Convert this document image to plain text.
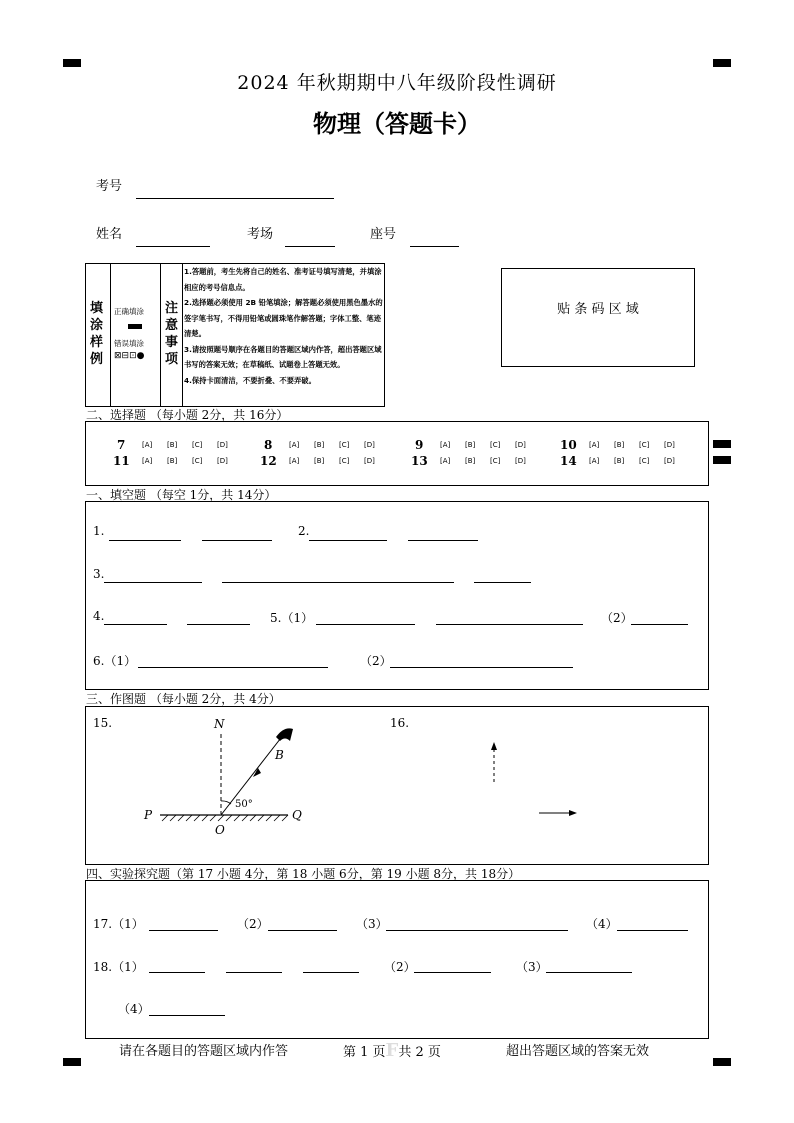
2024 年秋期期中八年级阶段性调研
物理（答题卡）
考号
姓名	考场	座号
填
涂
样
例
正确填涂
错误填涂
⊠⊟⊡●
注
意
事
项
1.答题前，考生先将自己的姓名、准考证号填写清楚，并填涂相应的考号信息点。
2.选择题必须使用 2B 铅笔填涂；解答题必须使用黑色墨水的签字笔书写，不得用铅笔或圆珠笔作解答题；字体工整、笔迹清楚。
3.请按照题号顺序在各题目的答题区域内作答，超出答题区域书写的答案无效；在草稿纸、试题卷上答题无效。
4.保持卡面清洁，不要折叠、不要弄破。
贴 条 码 区 域
二、选择题 （每小题 2分，共 16分）
7 [A] [B] [C] [D]	8 [A] [B] [C] [D]	9 [A] [B] [C] [D]	10 [A] [B] [C] [D]
11 [A] [B] [C] [D]	12 [A] [B] [C] [D]	13 [A] [B] [C] [D]	14 [A] [B] [C] [D]
一、填空题 （每空 1分，共 14分）
1.	2.
3.
4.	5.（1）	（2）
6.（1）	（2）
三、作图题 （每小题 2分，共 4分）
15.	16.
N
B
50°
P
O
Q
四、实验探究题（第 17 小题 4分，第 18 小题 6分，第 19 小题 8分，共 18分）
17.（1）	（2）	（3）	（4）
18.（1）	（2）	（3）
（4）
请在各题目的答题区域内作答	第 1 页F共 2 页	超出答题区域的答案无效
